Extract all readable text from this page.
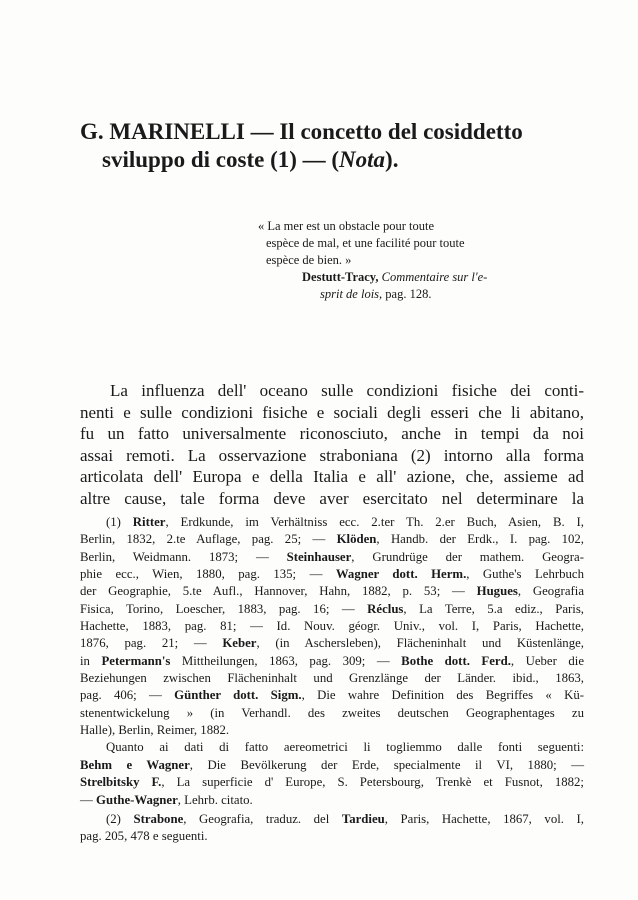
G. MARINELLI — Il concetto del cosiddetto
sviluppo di coste (1) — (Nota).
« La mer est un obstacle pour toute
espèce de mal, et une facilité pour toute
espèce de bien. »
Destutt-Tracy, Commentaire sur l'e-
sprit de lois, pag. 128.
La influenza dell' oceano sulle condizioni fisiche dei conti-
nenti e sulle condizioni fisiche e sociali degli esseri che li abitano,
fu un fatto universalmente riconosciuto, anche in tempi da noi
assai remoti. La osservazione straboniana (2) intorno alla forma
articolata dell' Europa e della Italia e all' azione, che, assieme ad
altre cause, tale forma deve aver esercitato nel determinare la
(1) Ritter, Erdkunde, im Verhältniss ecc. 2.ter Th. 2.er Buch, Asien, B. I,
Berlin, 1832, 2.te Auflage, pag. 25; — Klöden, Handb. der Erdk., I. pag. 102,
Berlin, Weidmann. 1873; — Steinhauser, Grundrüge der mathem. Geogra-
phie ecc., Wien, 1880, pag. 135; — Wagner dott. Herm., Guthe's Lehrbuch
der Geographie, 5.te Aufl., Hannover, Hahn, 1882, p. 53; — Hugues, Geografia
Fisica, Torino, Loescher, 1883, pag. 16; — Réclus, La Terre, 5.a ediz., Paris,
Hachette, 1883, pag. 81; — Id. Nouv. géogr. Univ., vol. I, Paris, Hachette,
1876, pag. 21; — Keber, (in Aschersleben), Flächeninhalt und Küstenlänge,
in Petermann's Mittheilungen, 1863, pag. 309; — Bothe dott. Ferd., Ueber die
Beziehungen zwischen Flächeninhalt und Grenzlänge der Länder. ibid., 1863,
pag. 406; — Günther dott. Sigm., Die wahre Definition des Begriffes « Kü-
stenentwickelung » (in Verhandl. des zweites deutschen Geographentages zu
Halle), Berlin, Reimer, 1882.
Quanto ai dati di fatto aereometrici li togliemmo dalle fonti seguenti:
Behm e Wagner, Die Bevölkerung der Erde, specialmente il VI, 1880; —
Strelbitsky F., La superficie d' Europe, S. Petersbourg, Trenkè et Fusnot, 1882;
— Guthe-Wagner, Lehrb. citato.
(2) Strabone, Geografia, traduz. del Tardieu, Paris, Hachette, 1867, vol. I,
pag. 205, 478 e seguenti.
